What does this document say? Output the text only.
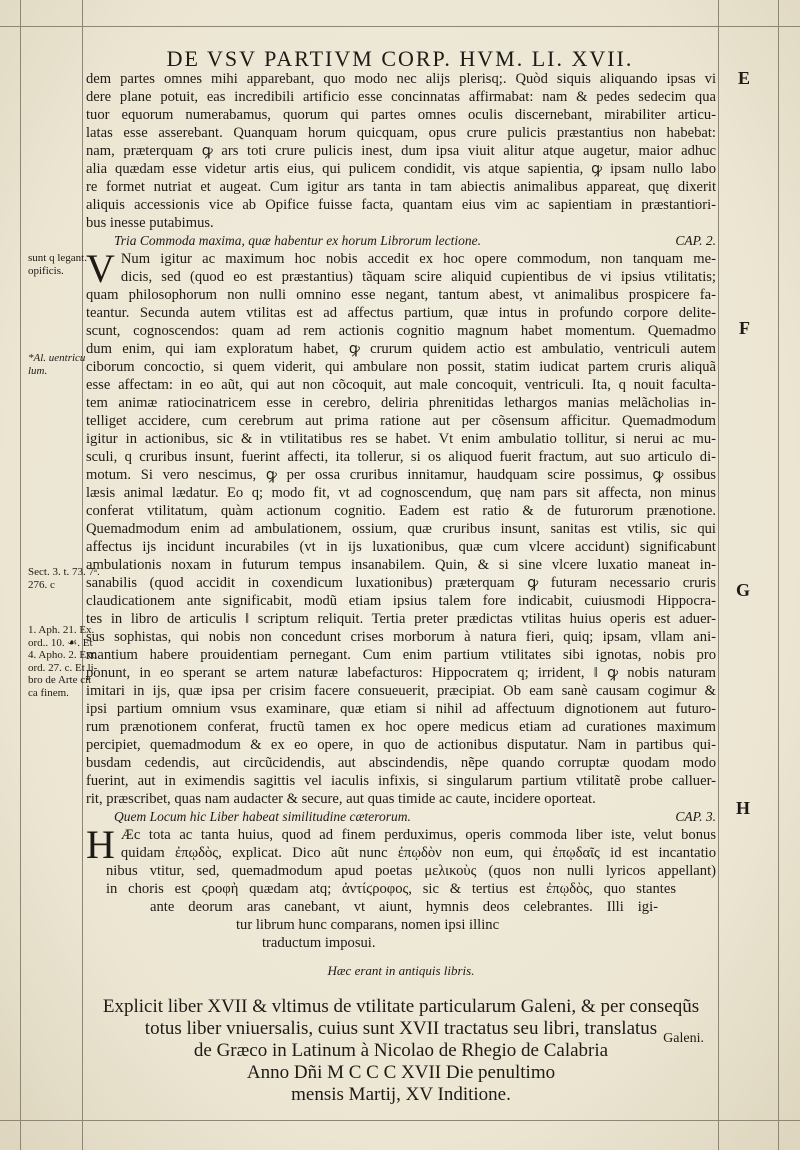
DE VSV PARTIVM CORP. HVM. LI. XVII.
dem partes omnes mihi apparebant, quo modo nec alijs plerisq;. Quòd siquis aliquando ipsas vi
dere plane potuit, eas incredibili artificio esse concinnatas affirmabat: nam & pedes sedecim qua
tuor equorum numerabamus, quorum qui partes omnes oculis discernebant, mirabiliter articu-
latas esse asserebant. Quanquam horum quicquam, opus crure pulicis præstantius non habebat:
nam, præterquam ꝙ ars toti crure pulicis inest, dum ipsa viuit alitur atque augetur, maior adhuc
alia quædam esse videtur artis eius, qui pulicem condidit, vis atque sapientia, ꝙ ipsam nullo labo
re formet nutriat et augeat. Cum igitur ars tanta in tam abiectis animalibus appareat, quę dixerit
aliquis accessionis vice ab Opifice fuisse facta, quantam eius vim ac sapientiam in præstantiori-
bus inesse putabimus.
Tria Commoda maxima, quæ habentur ex horum Librorum lectione.	CAP. 2.
V Num igitur ac maximum hoc nobis accedit ex hoc opere commodum, non tanquam me-
dicis, sed (quod eo est præstantius) tãquam scire aliquid cupientibus de vi ipsius vtilitatis;
quam philosophorum non nulli omnino esse negant, tantum abest, vt animalibus prospicere fa-
teantur. Secunda autem vtilitas est ad affectus partium, quæ intus in profundo corpore delite-
scunt, cognoscendos: quam ad rem actionis cognitio magnum habet momentum. Quemadmo
dum enim, qui iam exploratum habet, ꝙ crurum quidem actio est ambulatio, ventriculi autem
ciborum concoctio, si quem viderit, qui ambulare non possit, statim iudicat partem cruris aliquã
esse affectam: in eo aũt, qui aut non cõcoquit, aut male concoquit, ventriculi. Ita, q nouit faculta-
tem animæ ratiocinatricem esse in cerebro, deliria phrenitidas lethargos manias melãcholias in-
telliget accidere, cum cerebrum aut prima ratione aut per cõsensum afficitur. Quemadmodum
igitur in actionibus, sic & in vtilitatibus res se habet. Vt enim ambulatio tollitur, si nerui ac mu-
sculi, q cruribus insunt, fuerint affecti, ita tollerur, si os aliquod fuerit fractum, aut suo articulo di-
motum. Si vero nescimus, ꝙ per ossa cruribus innitamur, haudquam scire possimus, ꝙ ossibus
læsis animal lædatur. Eo q; modo fit, vt ad cognoscendum, quę nam pars sit affecta, non minus
conferat vtilitatum, quàm actionum cognitio. Eadem est ratio & de futurorum prænotione.
Quemadmodum enim ad ambulationem, ossium, quæ cruribus insunt, sanitas est vtilis, sic qui
affectus ijs incidunt incurabiles (vt in ijs luxationibus, quæ cum vlcere accidunt) significabunt
ambulationis noxam in futurum tempus insanabilem. Quin, & si sine vlcere luxatio maneat in-
sanabilis (quod accidit in coxendicum luxationibus) præterquam ꝙ futuram necessario cruris
claudicationem ante significabit, modũ etiam ipsius talem fore indicabit, cuiusmodi Hippocra-
tes in libro de articulis ‖ scriptum reliquit. Tertia preter prædictas vtilitas huius operis est aduer-
sus sophistas, qui nobis non concedunt crises morborum à natura fieri, quiq; ipsam, vllam ani-
mantium habere prouidentiam pernegant. Cum enim partium vtilitates sibi ignotas, nobis pro
ponunt, in eo sperant se artem naturæ labefacturos: Hippocratem q; irrident, ‖ ꝙ nobis naturam
imitari in ijs, quæ ipsa per crisim facere consueuerit, præcipiat. Ob eam sanè causam cogimur &
ipsi partium omnium vsus examinare, quæ etiam si nihil ad affectuum dignotionem aut futuro-
rum prænotionem conferat, fructũ tamen ex hoc opere medicus etiam ad curationes maximum
percipiet, quemadmodum & ex eo opere, in quo de actionibus disputatur. Nam in partibus qui-
busdam cedendis, aut circũcidendis, aut abscindendis, nẽpe quando corruptæ quodam modo
fuerint, aut in eximendis sagittis vel iaculis infixis, si singularum partium vtilitatẽ probe calluer-
rit, præscribet, quas nam audacter & secure, aut quas timide ac caute, incidere oporteat.
Quem Locum hic Liber habeat similitudine cæterorum.	CAP. 3.
H Æc tota ac tanta huius, quod ad finem perduximus, operis commoda liber iste, velut bonus
quidam ἐπῳδὸς, explicat. Dico aũt nunc ἐπῳδὸν non eum, qui ἐπῳδαῖς id est incantatio
nibus vtitur, sed, quemadmodum apud poetas μελικοὺς (quos non nulli lyricos appellant)
in choris est ϛροφὴ quædam atq; ἀντίϛροφος, sic & tertius est ἐπῳδὸς, quo stantes
ante deorum aras canebant, vt aiunt, hymnis deos celebrantes. Illi igi-
tur librum hunc comparans, nomen ipsi illinc
traductum imposui.
Hæc erant in antiquis libris.
Explicit liber XVII & vltimus de vtilitate particularum Galeni, & per conseqũs
totus liber vniuersalis, cuius sunt XVII tractatus seu libri, translatus
de Græco in Latinum à Nicolao de Rhegio de Calabria
Anno Dñi M C C C XVII Die penultimo
mensis Martij, XV Inditione.
sunt q legant.
opificis.
*Al. uentricu
lum.
Sect. 3. t. 73. 7ᵃ.
276. c
1. Aph. 21. Ex.
ord.. 10. ☙. Et
4. Apho. 2. Ext.
ord. 27. c. Et li-
bro de Arte cit
ca finem.
E
F
G
H
Galeni.
